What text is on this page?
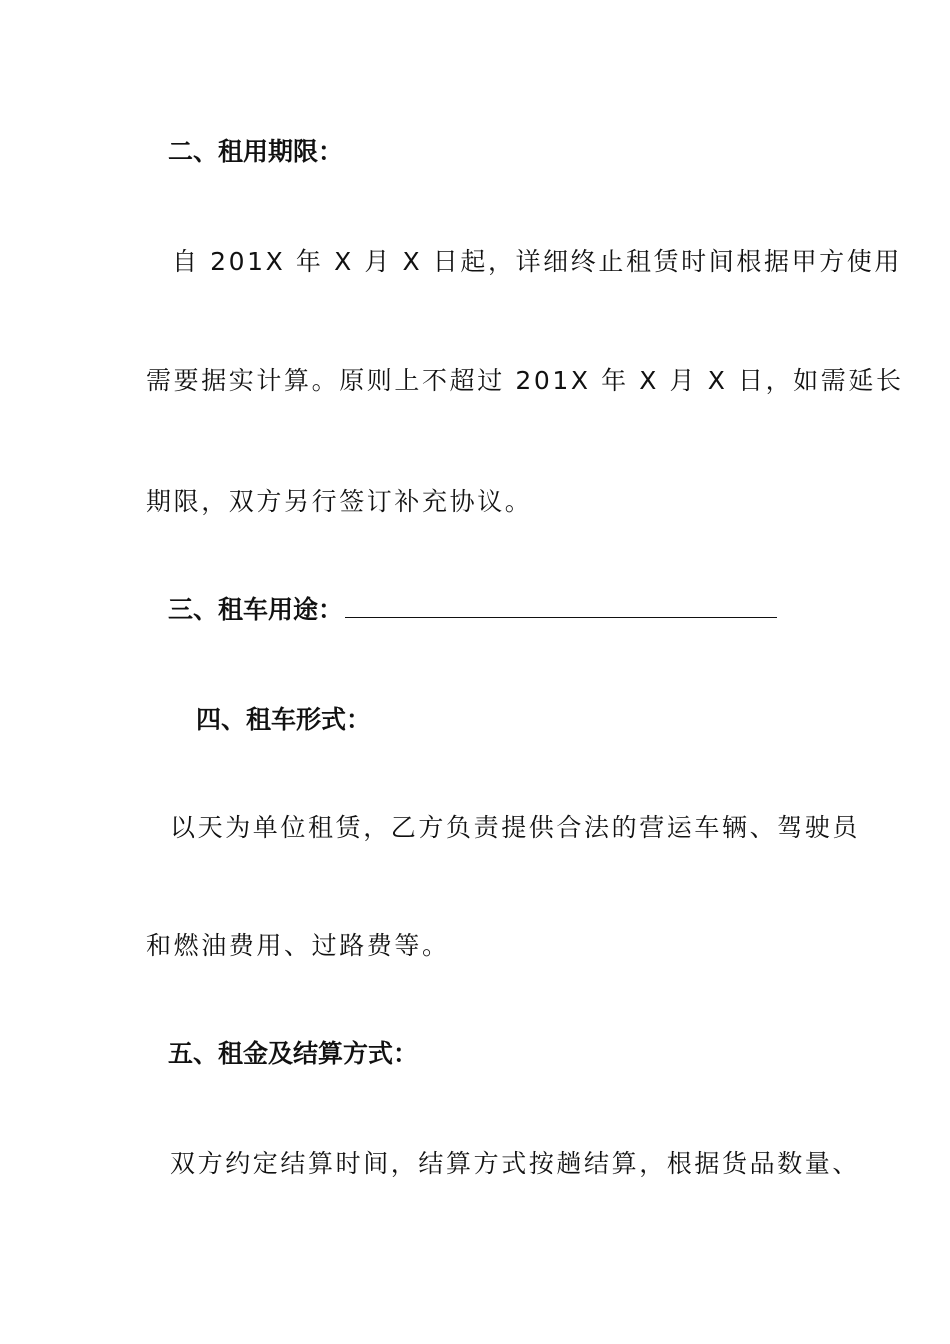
二、租用期限：
自 201X 年 X 月 X 日起，详细终止租赁时间根据甲方使用
需要据实计算。原则上不超过 201X 年 X 月 X 日，如需延长
期限，双方另行签订补充协议。
三、租车用途：
四、租车形式：
以天为单位租赁，乙方负责提供合法的营运车辆、驾驶员
和燃油费用、过路费等。
五、租金及结算方式：
双方约定结算时间，结算方式按趟结算，根据货品数量、
